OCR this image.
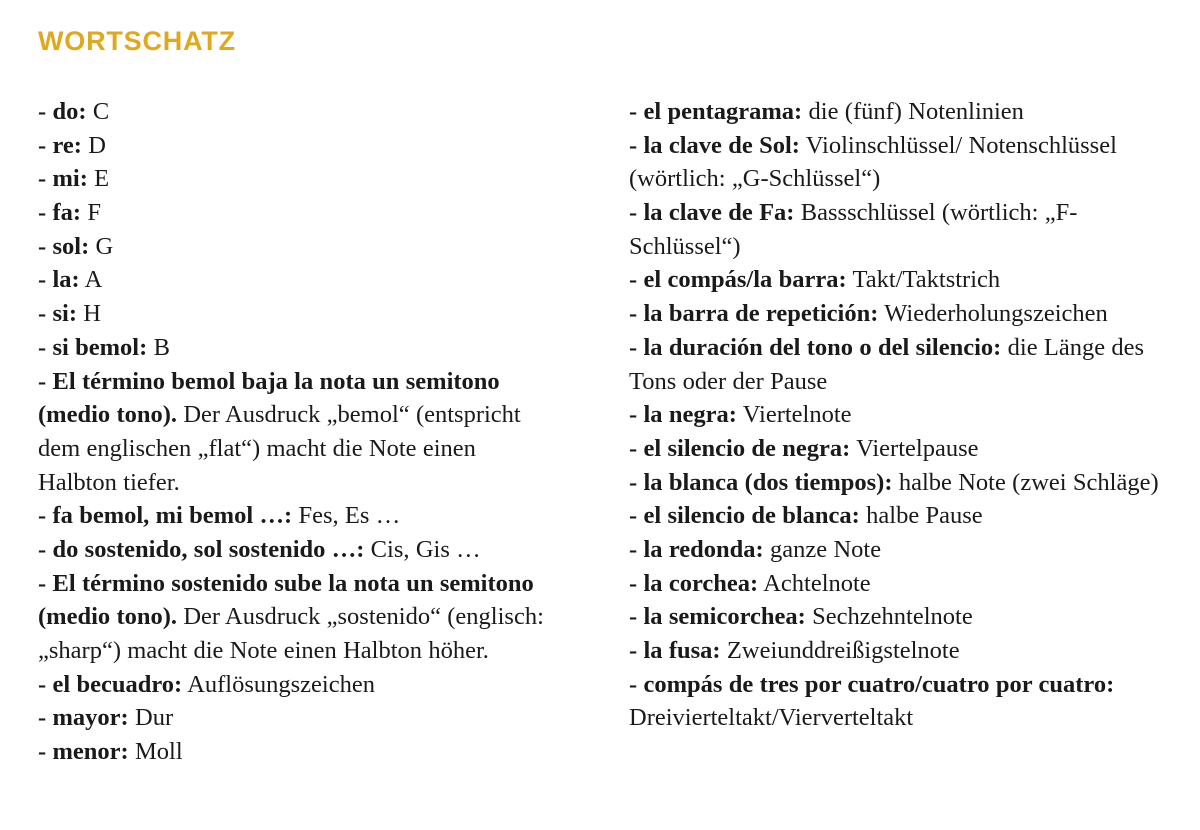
WORTSCHATZ

- do: C

- re: D

- mi: E

- fa: F

- sol: G

- la: A

- si: H

- si bemol: B

- El término bemol baja la nota un semitono (medio tono). Der Ausdruck „bemol“ (entspricht dem englischen „flat“) macht die Note einen Halbton tiefer.

- fa bemol, mi bemol …: Fes, Es …

- do sostenido, sol sostenido …: Cis, Gis …

- El término sostenido sube la nota un semitono (medio tono). Der Ausdruck „sostenido“ (englisch: „sharp“) macht die Note einen Halbton höher.

- el becuadro: Auflösungszeichen

- mayor: Dur

- menor: Moll

- el pentagrama: die (fünf) Notenlinien

- la clave de Sol: Violinschlüssel/ Notenschlüssel (wörtlich: „G-Schlüssel“)

- la clave de Fa: Bassschlüssel (wörtlich: „F-Schlüssel“)

- el compás/la barra: Takt/Taktstrich

- la barra de repetición: Wiederholungszeichen

- la duración del tono o del silencio: die Länge des Tons oder der Pause

- la negra: Viertelnote

- el silencio de negra: Viertelpause

- la blanca (dos tiempos): halbe Note (zwei Schläge)

- el silencio de blanca: halbe Pause

- la redonda: ganze Note

- la corchea: Achtelnote

- la semicorchea: Sechzehntelnote

- la fusa: Zweiunddreißigstelnote

- compás de tres por cuatro/cuatro por cuatro: Dreivierteltakt/Vierverteltakt
